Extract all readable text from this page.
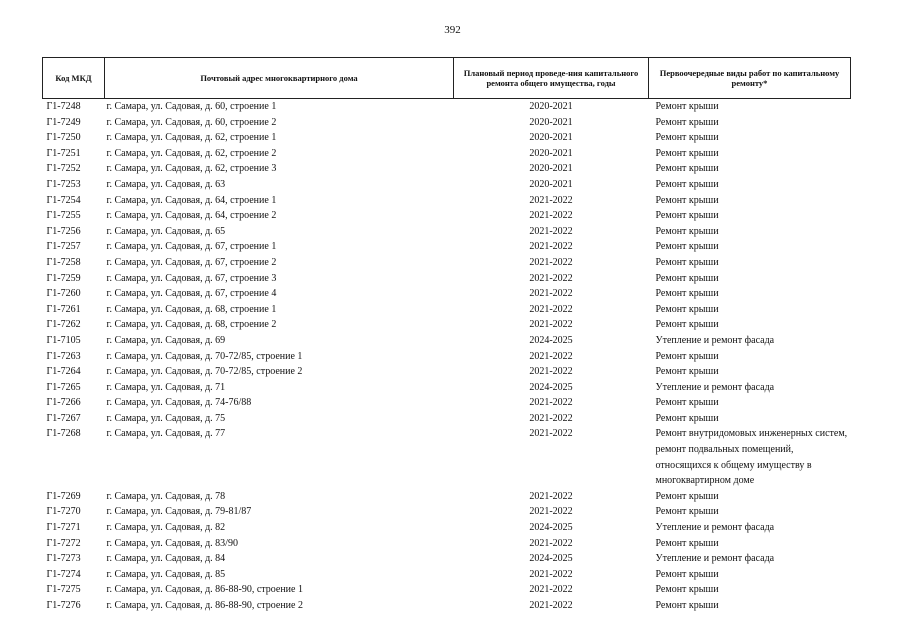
392
Код МКД	Почтовый адрес многоквартирного дома	Плановый период проведе-ния капитального ремонта общего имущества, годы	Первоочередные виды работ по капитальному ремонту*
Г1-7248	г. Самара, ул. Садовая, д. 60, строение 1	2020-2021	Ремонт крыши
Г1-7249	г. Самара, ул. Садовая, д. 60, строение 2	2020-2021	Ремонт крыши
Г1-7250	г. Самара, ул. Садовая, д. 62, строение 1	2020-2021	Ремонт крыши
Г1-7251	г. Самара, ул. Садовая, д. 62, строение 2	2020-2021	Ремонт крыши
Г1-7252	г. Самара, ул. Садовая, д. 62, строение 3	2020-2021	Ремонт крыши
Г1-7253	г. Самара, ул. Садовая, д. 63	2020-2021	Ремонт крыши
Г1-7254	г. Самара, ул. Садовая, д. 64, строение 1	2021-2022	Ремонт крыши
Г1-7255	г. Самара, ул. Садовая, д. 64, строение 2	2021-2022	Ремонт крыши
Г1-7256	г. Самара, ул. Садовая, д. 65	2021-2022	Ремонт крыши
Г1-7257	г. Самара, ул. Садовая, д. 67, строение 1	2021-2022	Ремонт крыши
Г1-7258	г. Самара, ул. Садовая, д. 67, строение 2	2021-2022	Ремонт крыши
Г1-7259	г. Самара, ул. Садовая, д. 67, строение 3	2021-2022	Ремонт крыши
Г1-7260	г. Самара, ул. Садовая, д. 67, строение 4	2021-2022	Ремонт крыши
Г1-7261	г. Самара, ул. Садовая, д. 68, строение 1	2021-2022	Ремонт крыши
Г1-7262	г. Самара, ул. Садовая, д. 68, строение 2	2021-2022	Ремонт крыши
Г1-7105	г. Самара, ул. Садовая, д. 69	2024-2025	Утепление и ремонт фасада
Г1-7263	г. Самара, ул. Садовая, д. 70-72/85, строение 1	2021-2022	Ремонт крыши
Г1-7264	г. Самара, ул. Садовая, д. 70-72/85, строение 2	2021-2022	Ремонт крыши
Г1-7265	г. Самара, ул. Садовая, д. 71	2024-2025	Утепление и ремонт фасада
Г1-7266	г. Самара, ул. Садовая, д. 74-76/88	2021-2022	Ремонт крыши
Г1-7267	г. Самара, ул. Садовая, д. 75	2021-2022	Ремонт крыши
Г1-7268	г. Самара, ул. Садовая, д. 77	2021-2022	Ремонт внутридомовых инженерных систем, ремонт подвальных помещений, относящихся к общему имуществу в многоквартирном доме
Г1-7269	г. Самара, ул. Садовая, д. 78	2021-2022	Ремонт крыши
Г1-7270	г. Самара, ул. Садовая, д. 79-81/87	2021-2022	Ремонт крыши
Г1-7271	г. Самара, ул. Садовая, д. 82	2024-2025	Утепление и ремонт фасада
Г1-7272	г. Самара, ул. Садовая, д. 83/90	2021-2022	Ремонт крыши
Г1-7273	г. Самара, ул. Садовая, д. 84	2024-2025	Утепление и ремонт фасада
Г1-7274	г. Самара, ул. Садовая, д. 85	2021-2022	Ремонт крыши
Г1-7275	г. Самара, ул. Садовая, д. 86-88-90, строение 1	2021-2022	Ремонт крыши
Г1-7276	г. Самара, ул. Садовая, д. 86-88-90, строение 2	2021-2022	Ремонт крыши
